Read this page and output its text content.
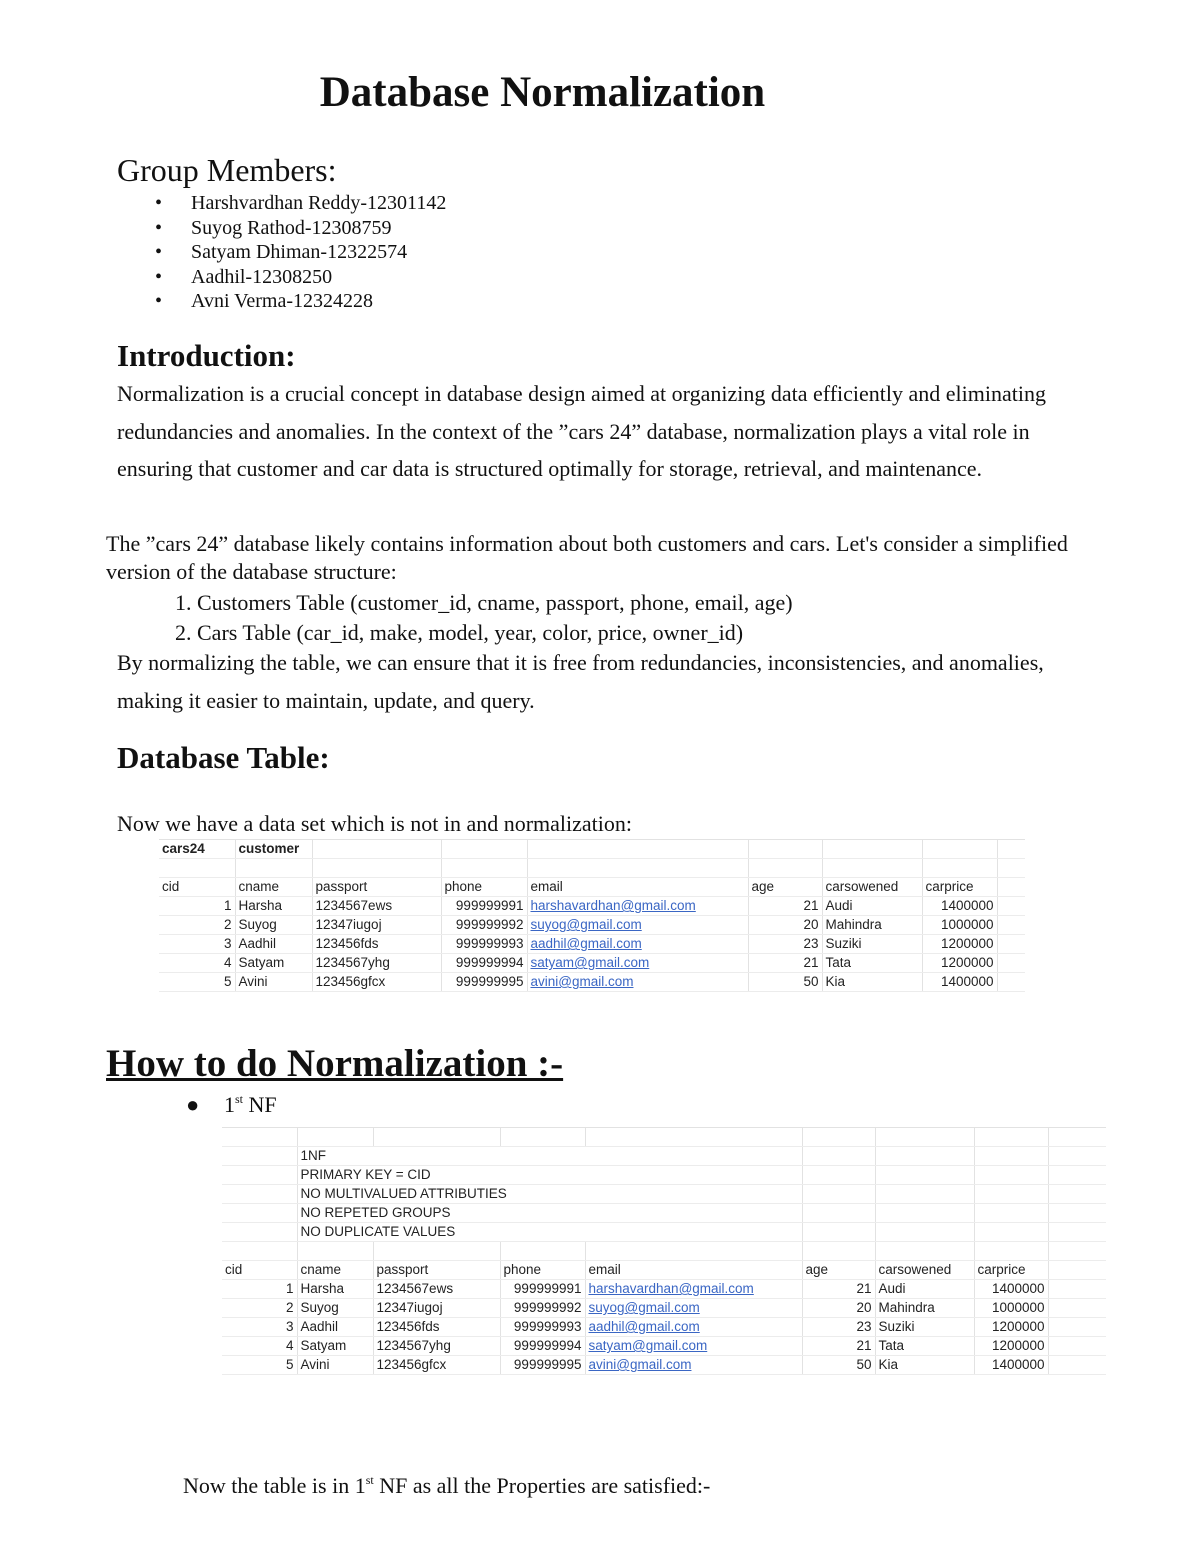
Database Normalization
Group Members:
• Harshvardhan Reddy-12301142
• Suyog Rathod-12308759
• Satyam Dhiman-12322574
• Aadhil-12308250
• Avni Verma-12324228
Introduction:
Normalization is a crucial concept in database design aimed at organizing data efficiently and eliminating redundancies and anomalies. In the context of the ”cars 24” database, normalization plays a vital role in ensuring that customer and car data is structured optimally for storage, retrieval, and maintenance.
The ”cars 24” database likely contains information about both customers and cars. Let's consider a simplified version of the database structure:
1. Customers Table (customer_id, cname, passport, phone, email, age)
2. Cars Table (car_id, make, model, year, color, price, owner_id)
By normalizing the table, we can ensure that it is free from redundancies, inconsistencies, and anomalies, making it easier to maintain, update, and query.
Database Table:
Now we have a data set which is not in and normalization:
cars24	customer							

cid	cname	passport	phone	email	age	carsowened	carprice	
1	Harsha	1234567ews	999999991	harshavardhan@gmail.com	21	Audi	1400000	
2	Suyog	12347iugoj	999999992	suyog@gmail.com	20	Mahindra	1000000	
3	Aadhil	123456fds	999999993	aadhil@gmail.com	23	Suziki	1200000	
4	Satyam	1234567yhg	999999994	satyam@gmail.com	21	Tata	1200000	
5	Avini	123456gfcx	999999995	avini@gmail.com	50	Kia	1400000	
How to do Normalization :-
● 1st NF

	1NF							
	PRIMARY KEY = CID							
	NO MULTIVALUED ATTRIBUTIES							
	NO REPETED GROUPS							
	NO DUPLICATE VALUES							

cid	cname	passport	phone	email	age	carsowened	carprice	
1	Harsha	1234567ews	999999991	harshavardhan@gmail.com	21	Audi	1400000	
2	Suyog	12347iugoj	999999992	suyog@gmail.com	20	Mahindra	1000000	
3	Aadhil	123456fds	999999993	aadhil@gmail.com	23	Suziki	1200000	
4	Satyam	1234567yhg	999999994	satyam@gmail.com	21	Tata	1200000	
5	Avini	123456gfcx	999999995	avini@gmail.com	50	Kia	1400000	
Now the table is in 1st NF as all the Properties are satisfied:-
